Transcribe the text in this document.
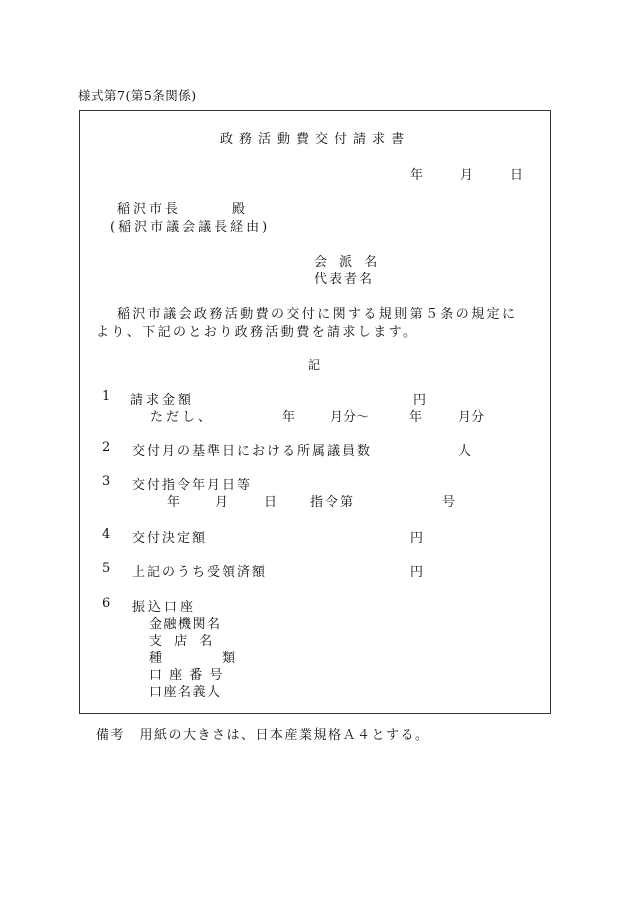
様式第7(第5条関係)
政務活動費交付請求書
年	月	日
稲沢市長	殿
(稲沢市議会議長経由)
会 派 名
代表者名
稲沢市議会政務活動費の交付に関する規則第５条の規定に
より、下記のとおり政務活動費を請求します。
記
1 請求金額	円
ただし、	年	月分～	年	月分
2 交付月の基準日における所属議員数	人
3 交付指令年月日等
年	月	日	指令第	号
4 交付決定額	円
5 上記のうち受領済額	円
6 振込口座
金融機関名
支 店 名
種 類
口 座 番 号
口座名義人
備考　用紙の大きさは、日本産業規格Ａ４とする。
